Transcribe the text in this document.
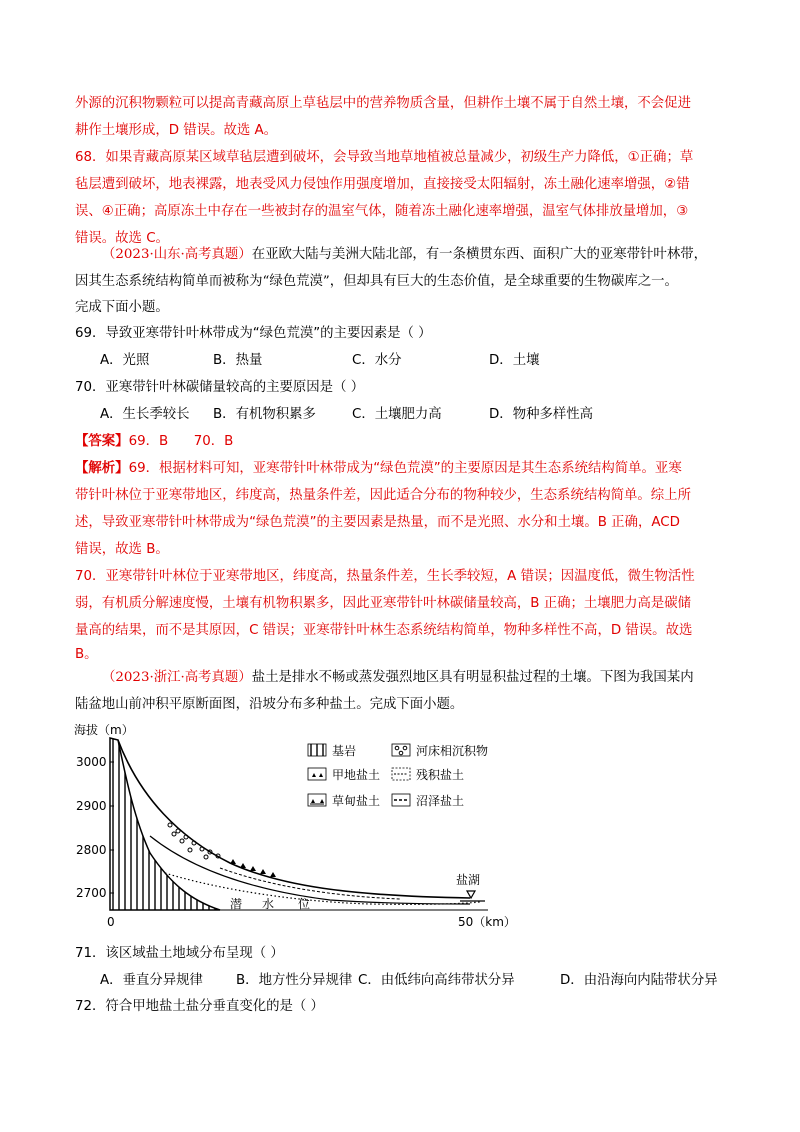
外源的沉积物颗粒可以提高青藏高原上草毡层中的营养物质含量，但耕作土壤不属于自然土壤，不会促进
耕作土壤形成，D 错误。故选 A。
68．如果青藏高原某区域草毡层遭到破坏，会导致当地草地植被总量减少，初级生产力降低，①正确；草
毡层遭到破坏，地表裸露，地表受风力侵蚀作用强度增加，直接接受太阳辐射，冻土融化速率增强，②错
误、④正确；高原冻土中存在一些被封存的温室气体，随着冻土融化速率增强，温室气体排放量增加，③
错误。故选 C。
（2023·山东·高考真题）在亚欧大陆与美洲大陆北部，有一条横贯东西、面积广大的亚寒带针叶林带，
因其生态系统结构简单而被称为“绿色荒漠”，但却具有巨大的生态价值，是全球重要的生物碳库之一。
完成下面小题。
69．导致亚寒带针叶林带成为“绿色荒漠”的主要因素是（ ）
A．光照	B．热量	C．水分	D．土壤
70．亚寒带针叶林碳储量较高的主要原因是（ ）
A．生长季较长 B．有机物积累多	C．土壤肥力高	D．物种多样性高
【答案】69．B      70．B
【解析】69．根据材料可知，亚寒带针叶林带成为“绿色荒漠”的主要原因是其生态系统结构简单。亚寒
带针叶林位于亚寒带地区，纬度高，热量条件差，因此适合分布的物种较少，生态系统结构简单。综上所
述，导致亚寒带针叶林带成为“绿色荒漠”的主要因素是热量，而不是光照、水分和土壤。B 正确，ACD
错误，故选 B。
70．亚寒带针叶林位于亚寒带地区，纬度高，热量条件差，生长季较短，A 错误；因温度低，微生物活性
弱，有机质分解速度慢，土壤有机物积累多，因此亚寒带针叶林碳储量较高，B 正确；土壤肥力高是碳储
量高的结果，而不是其原因，C 错误；亚寒带针叶林生态系统结构简单，物种多样性不高，D 错误。故选
B。
（2023·浙江·高考真题）盐土是排水不畅或蒸发强烈地区具有明显积盐过程的土壤。下图为我国某内
陆盆地山前冲积平原断面图，沿坡分布多种盐土。完成下面小题。
海拔（m）
3000
2900
2800
2700
0	50（km）
潜 水 位
盐湖
基岩	河床相沉积物
甲地盐土	残积盐土
草甸盐土	沼泽盐土
71．该区域盐土地域分布呈现（ ）
A．垂直分异规律 B．地方性分异规律 C．由低纬向高纬带状分异	D．由沿海向内陆带状分异
72．符合甲地盐土盐分垂直变化的是（ ）
